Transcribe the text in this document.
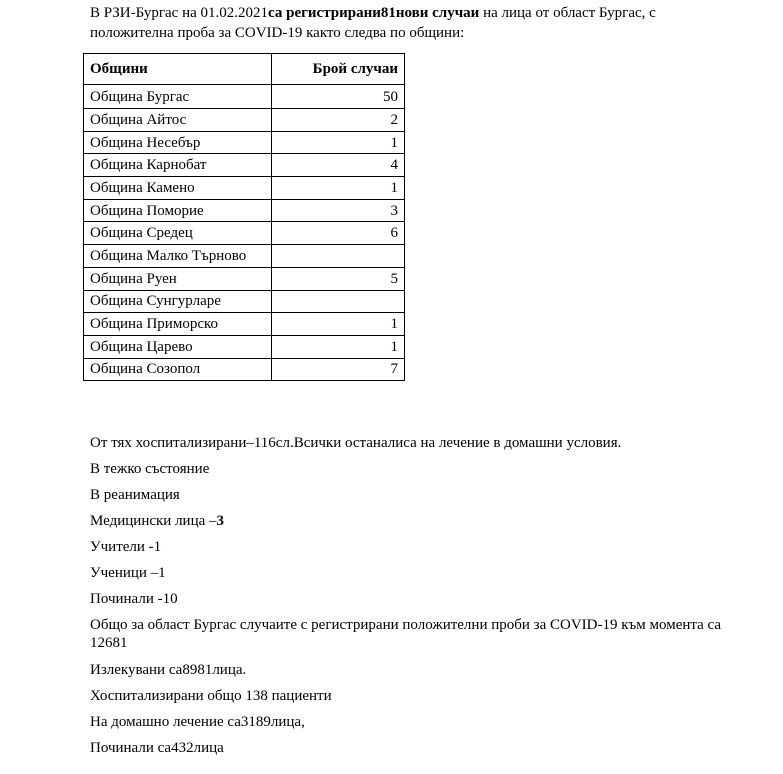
В РЗИ-Бургас на 01.02.2021са регистрирани81нови случаи на лица от област Бургас, с положителна проба за COVID-19 както следва по общини:
Общини	Брой случаи
Община Бургас	50
Община Айтос	2
Община Несебър	1
Община Карнобат	4
Община Камено	1
Община Поморие	3
Община Средец	6
Община Малко Търново	
Община Руен	5
Община Сунгурларе	
Община Приморско	1
Община Царево	1
Община Созопол	7
От тях хоспитализирани–116сл.Всички останалиса на лечение в домашни условия.
В тежко състояние
В реанимация
Медицински лица –3
Учители -1
Ученици –1
Починали -10
Общо за област Бургас случаите с регистрирани положителни проби за COVID-19 към момента са 12681
Излекувани са8981лица.
Хоспитализирани общо 138 пациенти
На домашно лечение са3189лица,
Починали са432лица
